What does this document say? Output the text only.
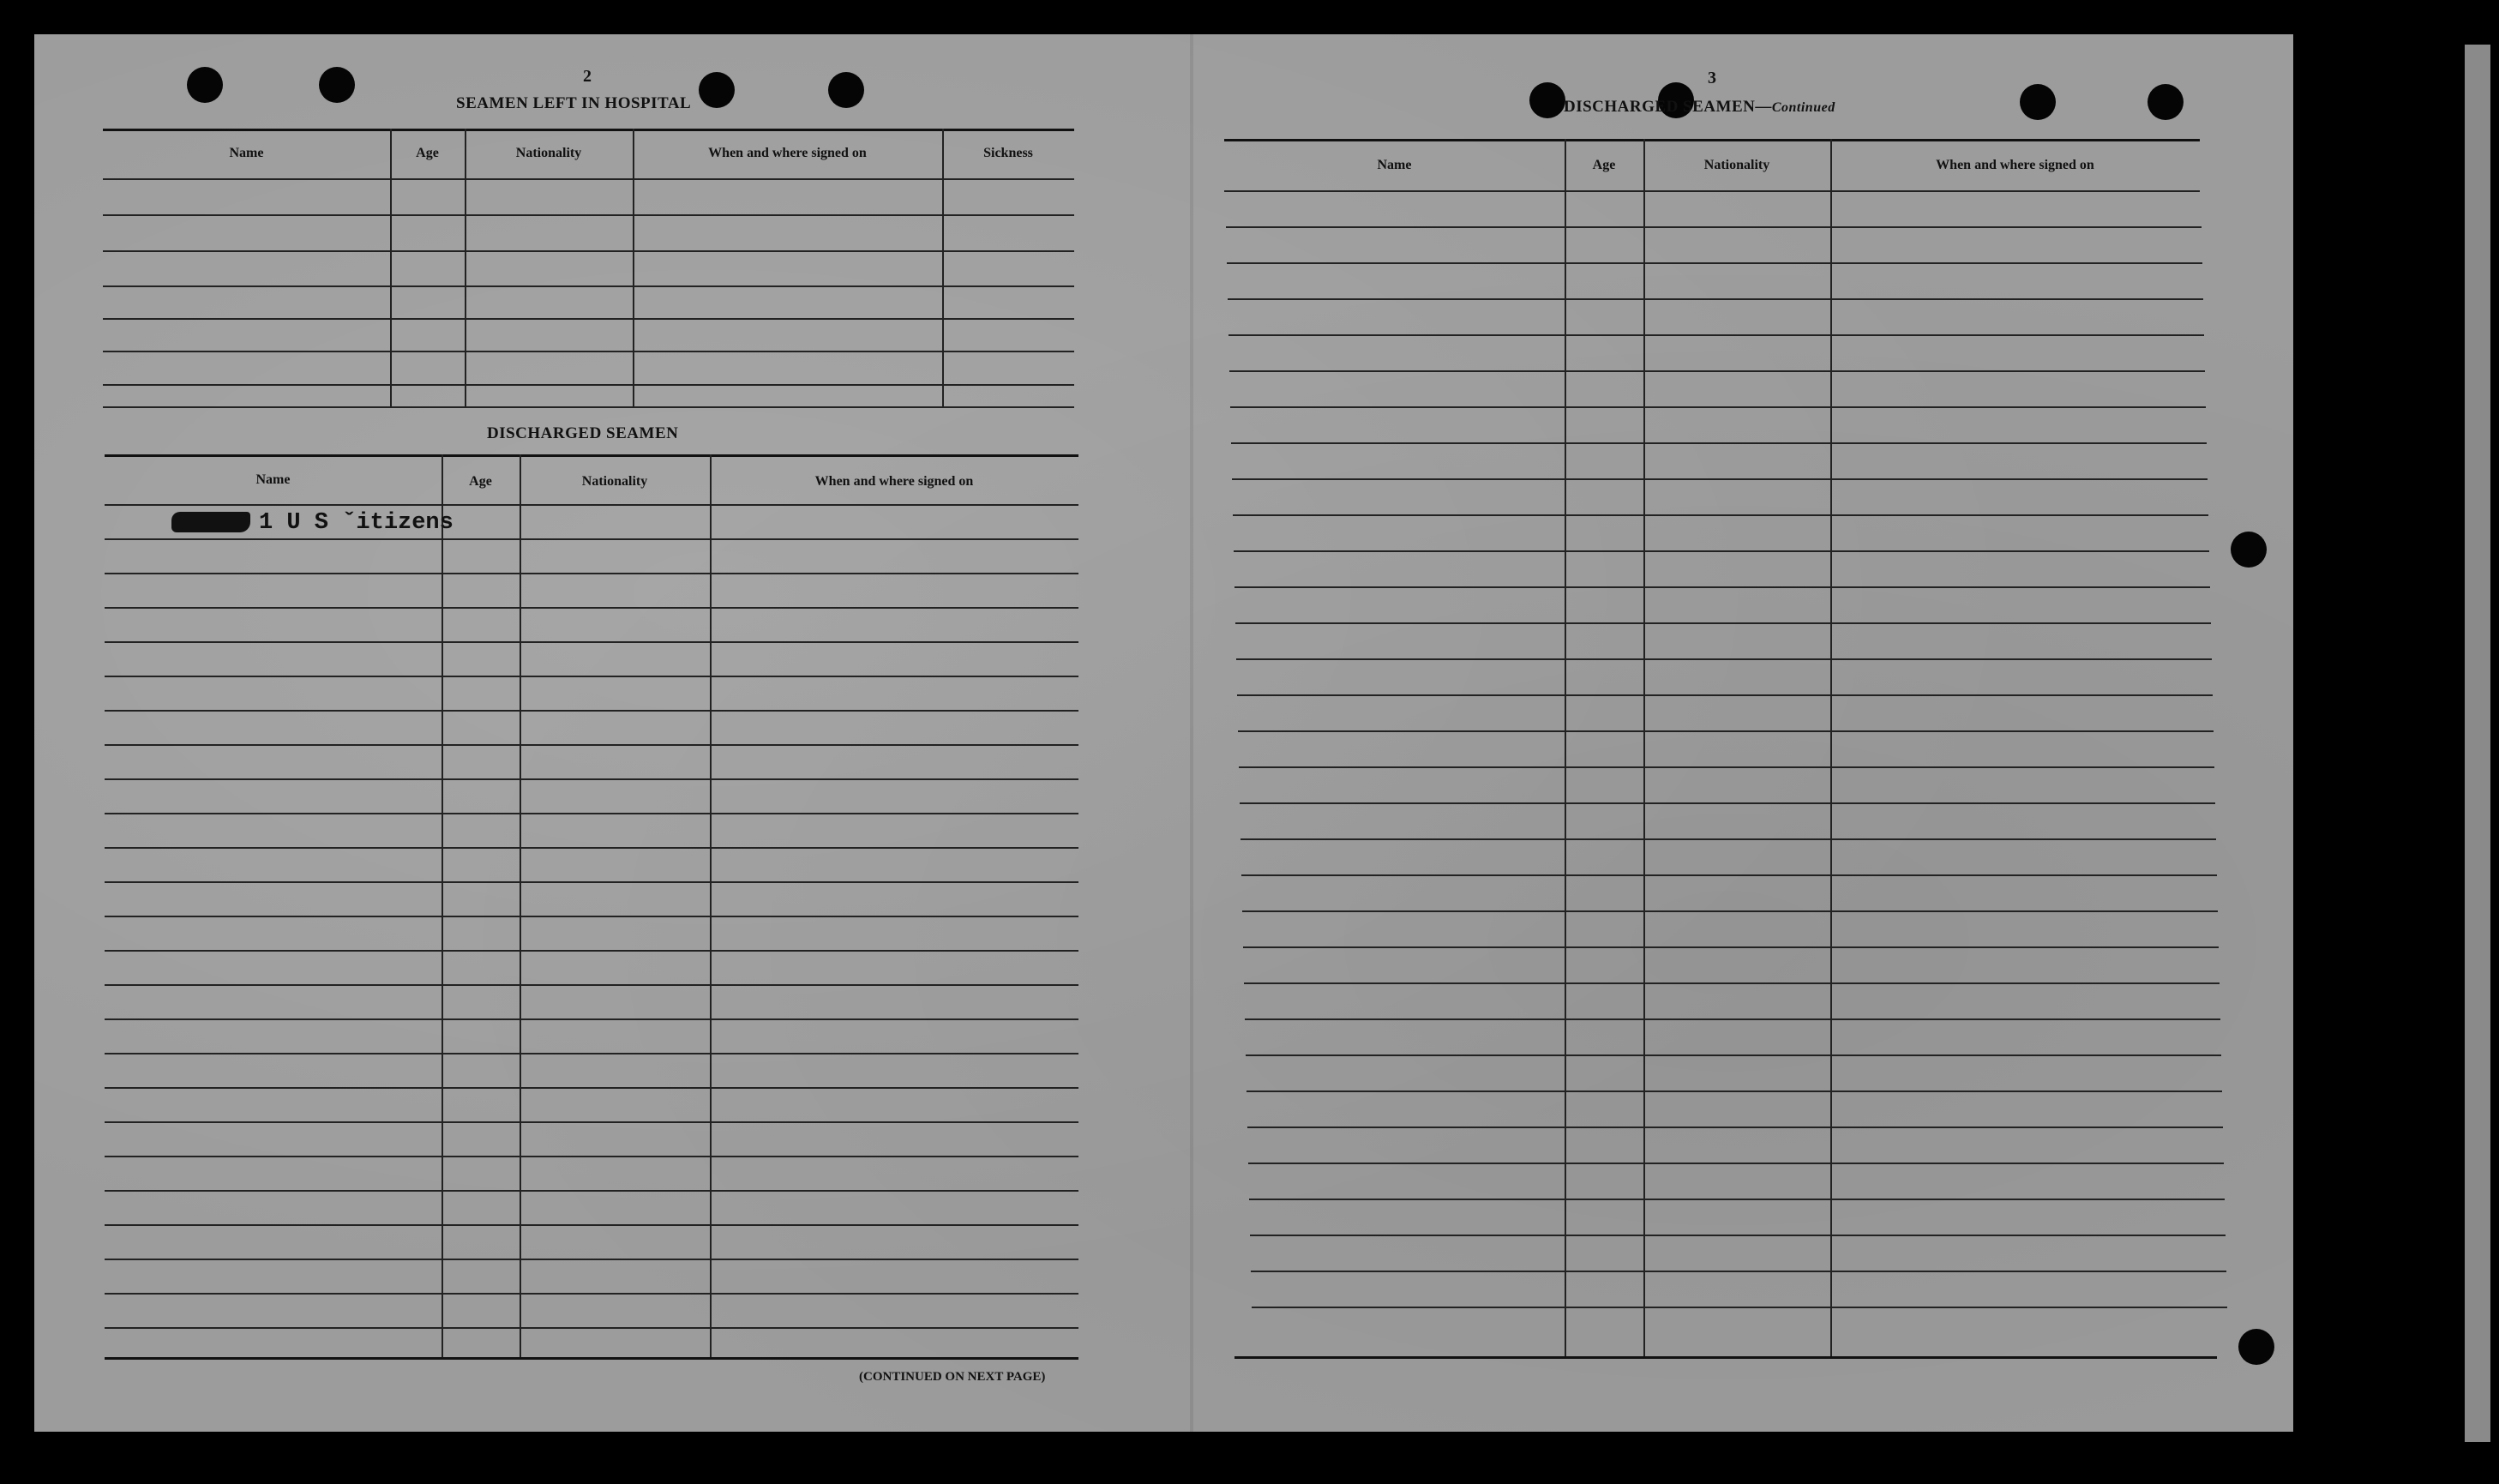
2
SEAMEN LEFT IN HOSPITAL
Name	Age	Nationality	When and where signed on	Sickness
DISCHARGED SEAMEN
Name	Age	Nationality	When and where signed on
1 U S ˇitizens
(CONTINUED ON NEXT PAGE)
3
DISCHARGED SEAMEN—Continued
Name	Age	Nationality	When and where signed on
